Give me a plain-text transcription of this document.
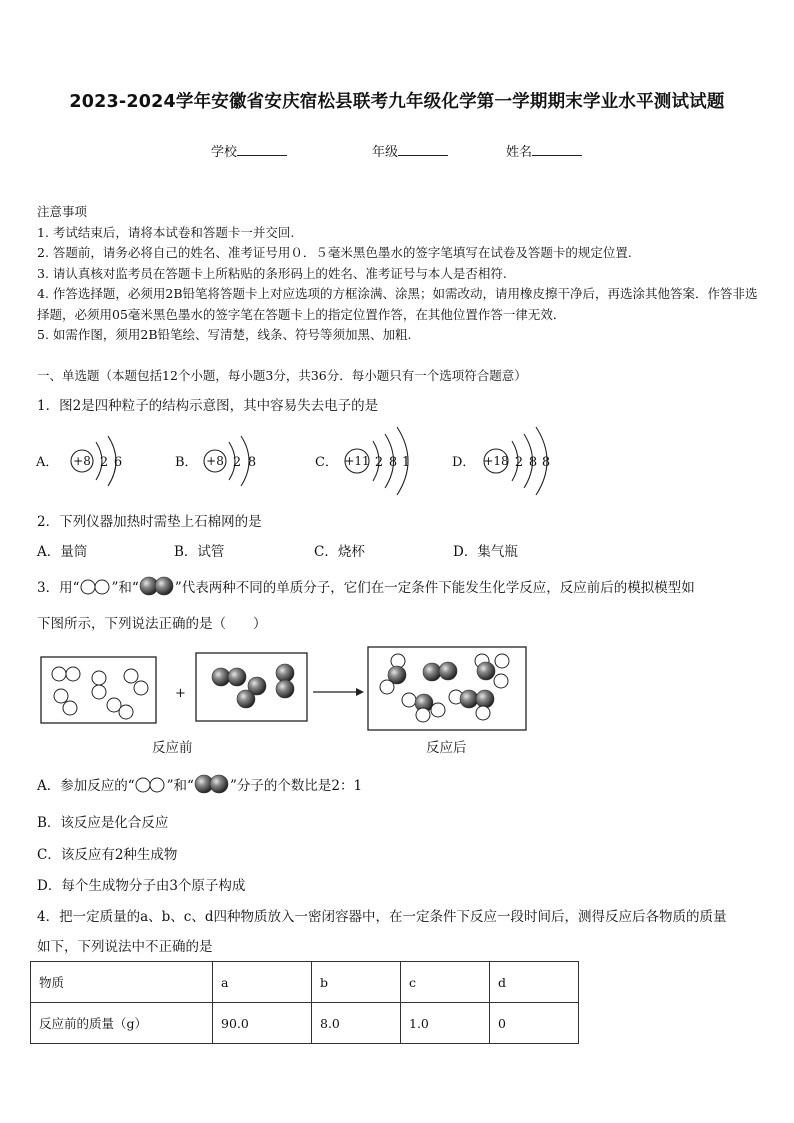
2023-2024学年安徽省安庆宿松县联考九年级化学第一学期期末学业水平测试试题
学校	年级	姓名
注意事项
1. 考试结束后，请将本试卷和答题卡一并交回.
2. 答题前，请务必将自己的姓名、准考证号用０．５毫米黑色墨水的签字笔填写在试卷及答题卡的规定位置.
3. 请认真核对监考员在答题卡上所粘贴的条形码上的姓名、准考证号与本人是否相符.
4. 作答选择题，必须用2B铅笔将答题卡上对应选项的方框涂满、涂黑；如需改动，请用橡皮擦干净后，再选涂其他答案．作答非选择题，必须用05毫米黑色墨水的签字笔在答题卡上的指定位置作答，在其他位置作答一律无效．
5. 如需作图，须用2B铅笔绘、写清楚，线条、符号等须加黑、加粗.
一、单选题（本题包括12个小题，每小题3分，共36分．每小题只有一个选项符合题意）
1．图2是四种粒子的结构示意图，其中容易失去电子的是
A． +8 2 6	B． +8 2 8	C． +11 2 8 1	D． +18 2 8 8
2．下列仪器加热时需垫上石棉网的是
A．量筒	B．试管	C．烧杯	D．集气瓶
3．用“ ”和“	”代表两种不同的单质分子，它们在一定条件下能发生化学反应，反应前后的模拟模型如
下图所示，下列说法正确的是（　　）
+
反应前	反应后
A．参加反应的“ ”和“	”分子的个数比是2：1
B．该反应是化合反应
C．该反应有2种生成物
D．每个生成物分子由3个原子构成
4．把一定质量的a、b、c、d四种物质放入一密闭容器中，在一定条件下反应一段时间后，测得反应后各物质的质量
如下，下列说法中不正确的是
物质	a	b	c	d
反应前的质量（g）	90.0	8.0	1.0	0
